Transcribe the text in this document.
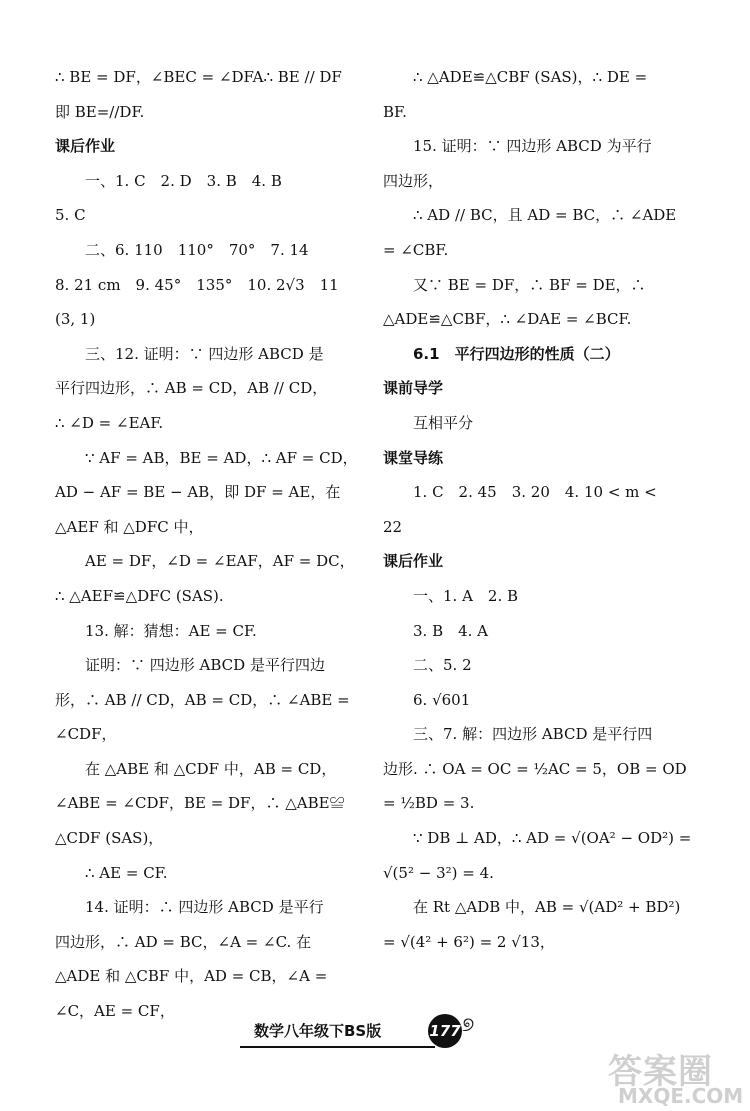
∴ BE = DF，∠BEC = ∠DFA∴ BE // DF
即 BE=//DF.
课后作业
一、1. C　2. D　3. B　4. B
5. C
二、6. 110　110°　70°　7. 14
8. 21 cm　9. 45°　135°　10. 2√3　11
(3, 1)
三、12. 证明：∵ 四边形 ABCD 是
平行四边形，∴ AB = CD，AB // CD，
∴ ∠D = ∠EAF.
∵ AF = AB，BE = AD，∴ AF = CD，
AD − AF = BE − AB，即 DF = AE，在
△AEF 和 △DFC 中，
AE = DF，∠D = ∠EAF，AF = DC，
∴ △AEF≌△DFC (SAS).
13. 解：猜想：AE = CF.
证明：∵ 四边形 ABCD 是平行四边
形，∴ AB // CD，AB = CD，∴ ∠ABE =
∠CDF，
在 △ABE 和 △CDF 中，AB = CD，
∠ABE = ∠CDF，BE = DF，∴ △ABE≌
△CDF (SAS)，
∴ AE = CF.
14. 证明：∴ 四边形 ABCD 是平行
四边形，∴ AD = BC，∠A = ∠C. 在
△ADE 和 △CBF 中，AD = CB，∠A =
∠C，AE = CF，
∴ △ADE≌△CBF (SAS)，∴ DE =
BF.
15. 证明：∵ 四边形 ABCD 为平行
四边形，
∴ AD // BC，且 AD = BC，∴ ∠ADE
= ∠CBF.
又∵ BE = DF，∴ BF = DE，∴
△ADE≌△CBF，∴ ∠DAE = ∠BCF.
6.1　平行四边形的性质（二）
课前导学
互相平分
课堂导练
1. C　2. 45　3. 20　4. 10 < m <
22
课后作业
一、1. A　2. B
3. B　4. A
二、5. 2
6. √601
三、7. 解：四边形 ABCD 是平行四
边形. ∴ OA = OC = ½AC = 5，OB = OD
= ½BD = 3.
∵ DB ⊥ AD，∴ AD = √(OA² − OD²) =
√(5² − 3²) = 4.
在 Rt △ADB 中，AB = √(AD² + BD²)
= √(4² + 6²) = 2 √13，
数学八年级下BS版	177 ୭
答案圈
MXQE.COM
